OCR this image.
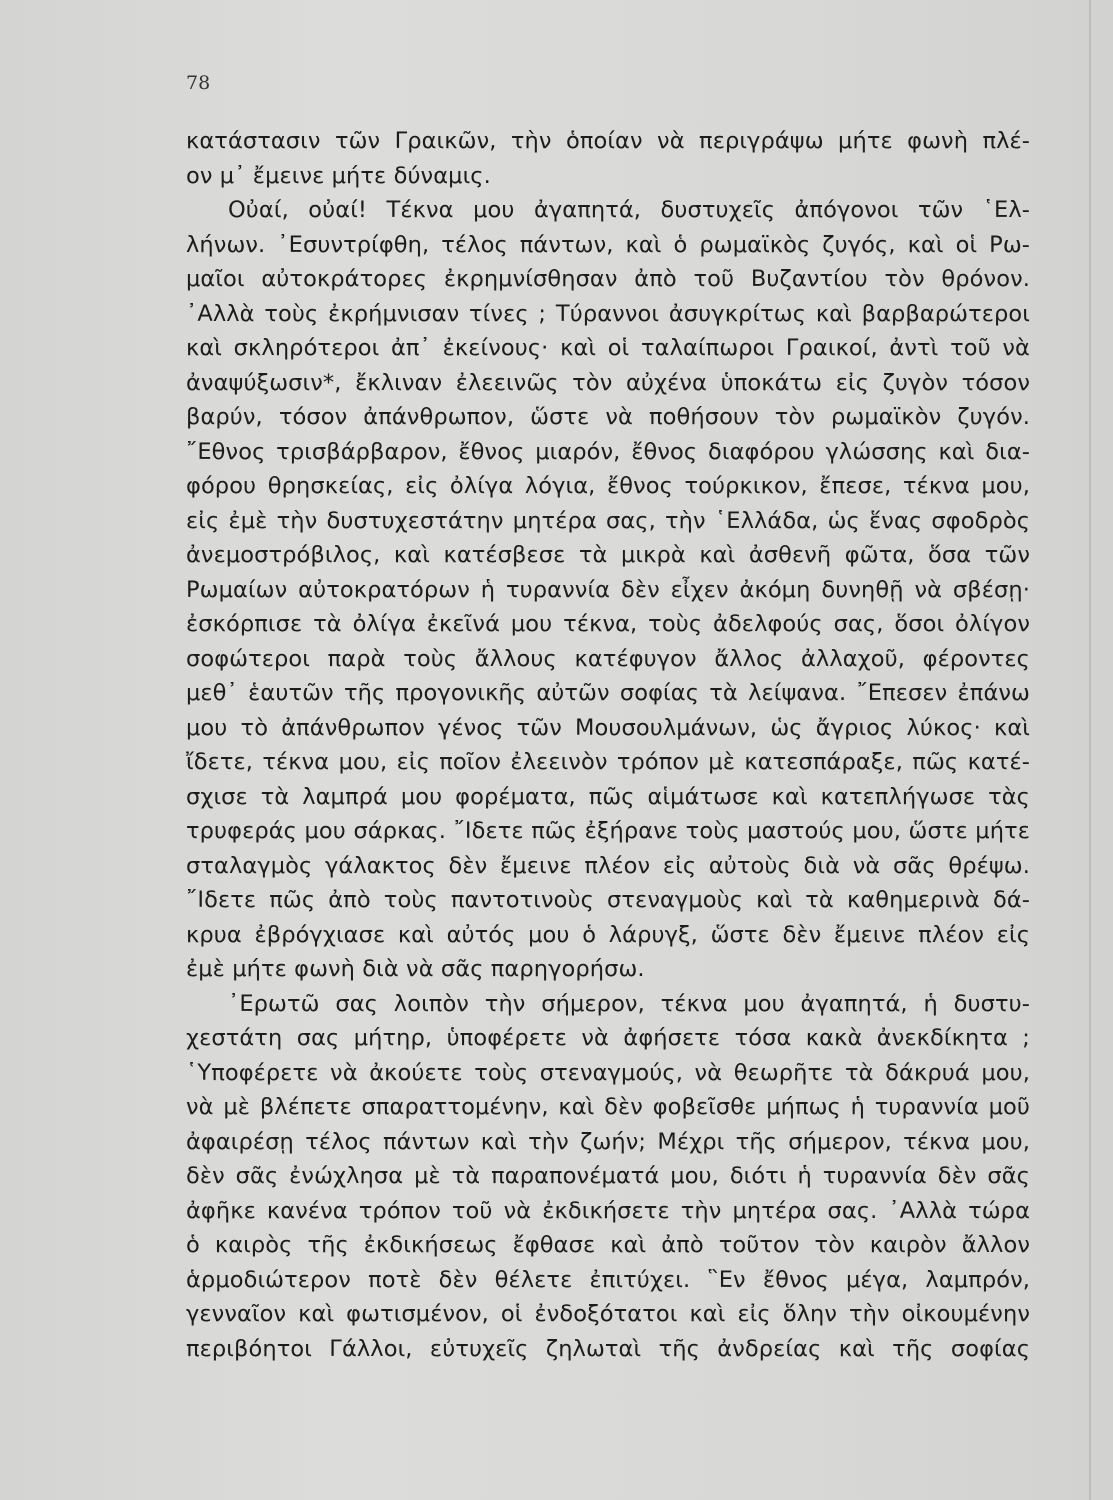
78
κατάστασιν τῶν Γραικῶν, τὴν ὁποίαν νὰ περιγράψω μήτε φωνὴ πλέ-
ον μ᾽ ἔμεινε μήτε δύναμις.
Οὐαί, οὐαί! Τέκνα μου ἀγαπητά, δυστυχεῖς ἀπόγονοι τῶν ῾Ελ-
λήνων. ᾿Εσυντρίφθη, τέλος πάντων, καὶ ὁ ρωμαϊκὸς ζυγός, καὶ οἱ Ρω-
μαῖοι αὐτοκράτορες ἐκρημνίσθησαν ἀπὸ τοῦ Βυζαντίου τὸν θρόνον.
᾿Αλλὰ τοὺς ἐκρήμνισαν τίνες ; Τύραννοι ἀσυγκρίτως καὶ βαρβαρώτεροι
καὶ σκληρότεροι ἀπ᾽ ἐκείνους· καὶ οἱ ταλαίπωροι Γραικοί, ἀντὶ τοῦ νὰ
ἀναψύξωσιν*, ἔκλιναν ἐλεεινῶς τὸν αὐχένα ὑποκάτω εἰς ζυγὸν τόσον
βαρύν, τόσον ἀπάνθρωπον, ὥστε νὰ ποθήσουν τὸν ρωμαϊκὸν ζυγόν.
῎Εθνος τρισβάρβαρον, ἔθνος μιαρόν, ἔθνος διαφόρου γλώσσης καὶ δια-
φόρου θρησκείας, εἰς ὀλίγα λόγια, ἔθνος τούρκικον, ἔπεσε, τέκνα μου,
εἰς ἐμὲ τὴν δυστυχεστάτην μητέρα σας, τὴν ῾Ελλάδα, ὡς ἕνας σφοδρὸς
ἀνεμοστρόβιλος, καὶ κατέσβεσε τὰ μικρὰ καὶ ἀσθενῆ φῶτα, ὅσα τῶν
Ρωμαίων αὐτοκρατόρων ἡ τυραννία δὲν εἶχεν ἀκόμη δυνηθῇ νὰ σβέσῃ·
ἐσκόρπισε τὰ ὀλίγα ἐκεῖνά μου τέκνα, τοὺς ἀδελφούς σας, ὅσοι ὀλίγον
σοφώτεροι παρὰ τοὺς ἄλλους κατέφυγον ἄλλος ἀλλαχοῦ, φέροντες
μεθ᾽ ἑαυτῶν τῆς προγονικῆς αὐτῶν σοφίας τὰ λείψανα. ῎Επεσεν ἐπάνω
μου τὸ ἀπάνθρωπον γένος τῶν Μουσουλμάνων, ὡς ἄγριος λύκος· καὶ
ἴδετε, τέκνα μου, εἰς ποῖον ἐλεεινὸν τρόπον μὲ κατεσπάραξε, πῶς κατέ-
σχισε τὰ λαμπρά μου φορέματα, πῶς αἱμάτωσε καὶ κατεπλήγωσε τὰς
τρυφεράς μου σάρκας. ῎Ιδετε πῶς ἐξήρανε τοὺς μαστούς μου, ὥστε μήτε
σταλαγμὸς γάλακτος δὲν ἔμεινε πλέον εἰς αὐτοὺς διὰ νὰ σᾶς θρέψω.
῎Ιδετε πῶς ἀπὸ τοὺς παντοτινοὺς στεναγμοὺς καὶ τὰ καθημερινὰ δά-
κρυα ἐβρόγχιασε καὶ αὐτός μου ὁ λάρυγξ, ὥστε δὲν ἔμεινε πλέον εἰς
ἐμὲ μήτε φωνὴ διὰ νὰ σᾶς παρηγορήσω.
᾿Ερωτῶ σας λοιπὸν τὴν σήμερον, τέκνα μου ἀγαπητά, ἡ δυστυ-
χεστάτη σας μήτηρ, ὑποφέρετε νὰ ἀφήσετε τόσα κακὰ ἀνεκδίκητα ;
῾Υποφέρετε νὰ ἀκούετε τοὺς στεναγμούς, νὰ θεωρῆτε τὰ δάκρυά μου,
νὰ μὲ βλέπετε σπαραττομένην, καὶ δὲν φοβεῖσθε μήπως ἡ τυραννία μοῦ
ἀφαιρέσῃ τέλος πάντων καὶ τὴν ζωήν; Μέχρι τῆς σήμερον, τέκνα μου,
δὲν σᾶς ἐνώχλησα μὲ τὰ παραπονέματά μου, διότι ἡ τυραννία δὲν σᾶς
ἀφῆκε κανένα τρόπον τοῦ νὰ ἐκδικήσετε τὴν μητέρα σας. ᾿Αλλὰ τώρα
ὁ καιρὸς τῆς ἐκδικήσεως ἔφθασε καὶ ἀπὸ τοῦτον τὸν καιρὸν ἄλλον
ἁρμοδιώτερον ποτὲ δὲν θέλετε ἐπιτύχει. ῝Εν ἔθνος μέγα, λαμπρόν,
γενναῖον καὶ φωτισμένον, οἱ ἐνδοξότατοι καὶ εἰς ὅλην τὴν οἰκουμένην
περιβόητοι Γάλλοι, εὐτυχεῖς ζηλωταὶ τῆς ἀνδρείας καὶ τῆς σοφίας
